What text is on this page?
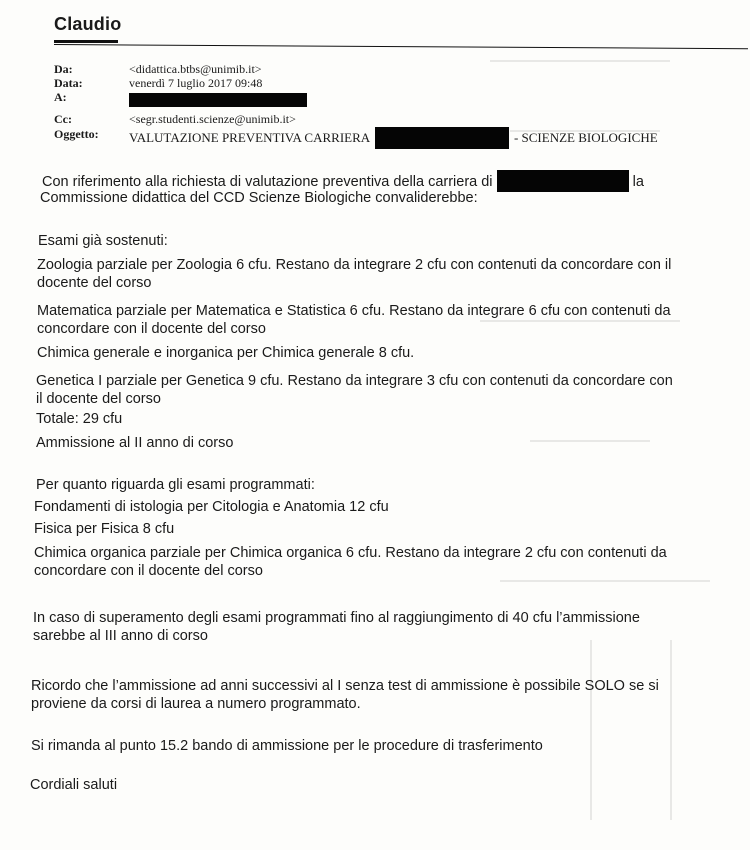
Claudio
Da:	<didattica.btbs@unimib.it>
Data:	venerdì 7 luglio 2017 09:48
A:
Cc:	<segr.studenti.scienze@unimib.it>
Oggetto: VALUTAZIONE PREVENTIVA CARRIERA	- SCIENZE BIOLOGICHE
Con riferimento alla richiesta di valutazione preventiva della carriera di	la
Commissione didattica del CCD Scienze Biologiche convaliderebbe:
Esami già sostenuti:
Zoologia parziale per Zoologia 6 cfu. Restano da integrare 2 cfu con contenuti da concordare con il
docente del corso
Matematica parziale per Matematica e Statistica 6 cfu. Restano da integrare 6 cfu con contenuti da
concordare con il docente del corso
Chimica generale e inorganica per Chimica generale 8 cfu.
Genetica I parziale per Genetica 9 cfu. Restano da integrare 3 cfu con contenuti da concordare con
il docente del corso
Totale: 29 cfu
Ammissione al II anno di corso
Per quanto riguarda gli esami programmati:
Fondamenti di istologia per Citologia e Anatomia 12 cfu
Fisica per Fisica 8 cfu
Chimica organica parziale per Chimica organica 6 cfu. Restano da integrare 2 cfu con contenuti da
concordare con il docente del corso
In caso di superamento degli esami programmati fino al raggiungimento di 40 cfu l’ammissione
sarebbe al III anno di corso
Ricordo che l’ammissione ad anni successivi al I senza test di ammissione è possibile SOLO se si
proviene da corsi di laurea a numero programmato.
Si rimanda al punto 15.2 bando di ammissione per le procedure di trasferimento
Cordiali saluti
